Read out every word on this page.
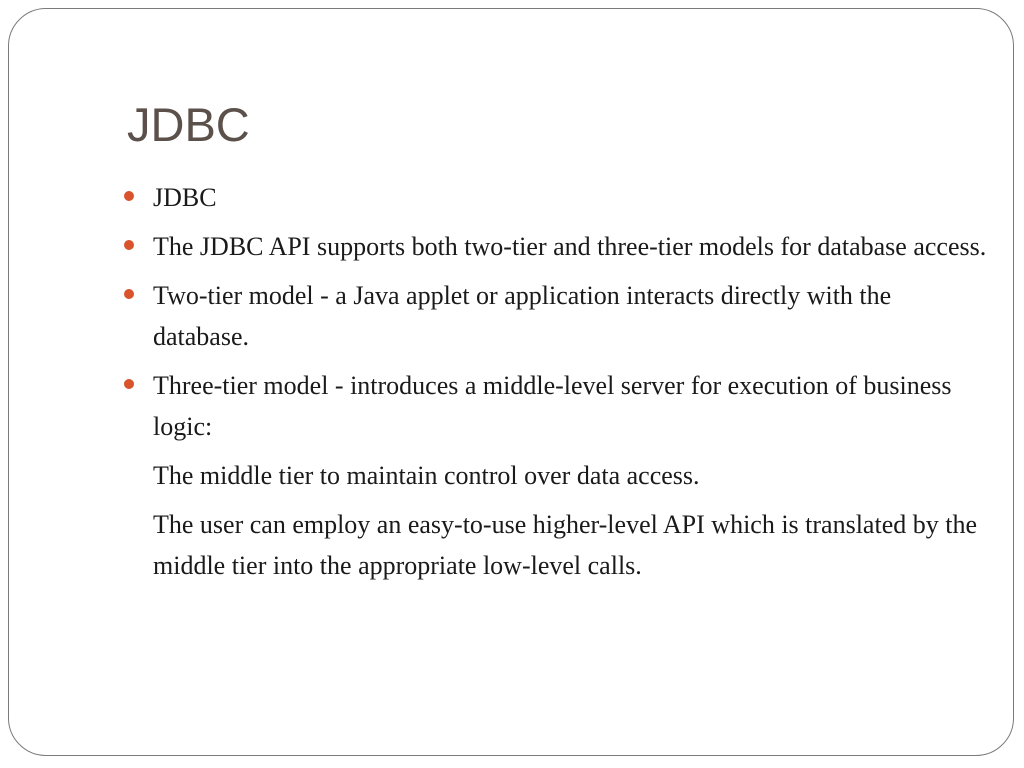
JDBC
JDBC
The JDBC API supports both two-tier and three-tier models for database access.
Two-tier model - a Java applet or application interacts directly with the database.
Three-tier model - introduces a middle-level server for execution of business logic:
The middle tier to maintain control over data access.
The user can employ an easy-to-use higher-level API which is translated by the middle tier into the appropriate low-level calls.
